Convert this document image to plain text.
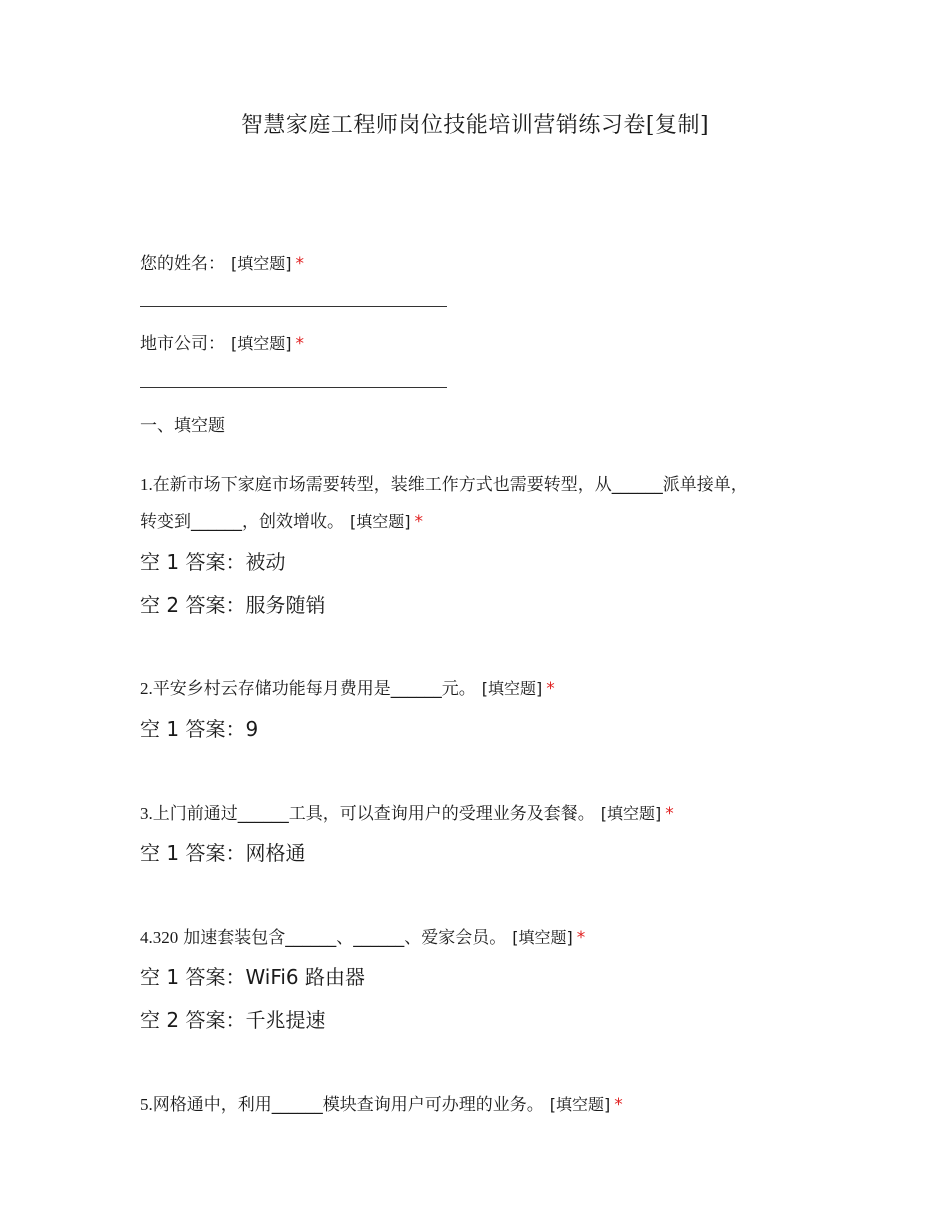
智慧家庭工程师岗位技能培训营销练习卷[复制]
您的姓名： [填空题] *
地市公司： [填空题] *
一、填空题
1.在新市场下家庭市场需要转型，装维工作方式也需要转型，从______派单接单，
转变到______，创效增收。 [填空题] *
空 1 答案：被动
空 2 答案：服务随销
2.平安乡村云存储功能每月费用是______元。 [填空题] *
空 1 答案：9
3.上门前通过______工具，可以查询用户的受理业务及套餐。 [填空题] *
空 1 答案：网格通
4.320 加速套装包含______、______、爱家会员。 [填空题] *
空 1 答案：WiFi6 路由器
空 2 答案：千兆提速
5.网格通中，利用______模块查询用户可办理的业务。 [填空题] *
